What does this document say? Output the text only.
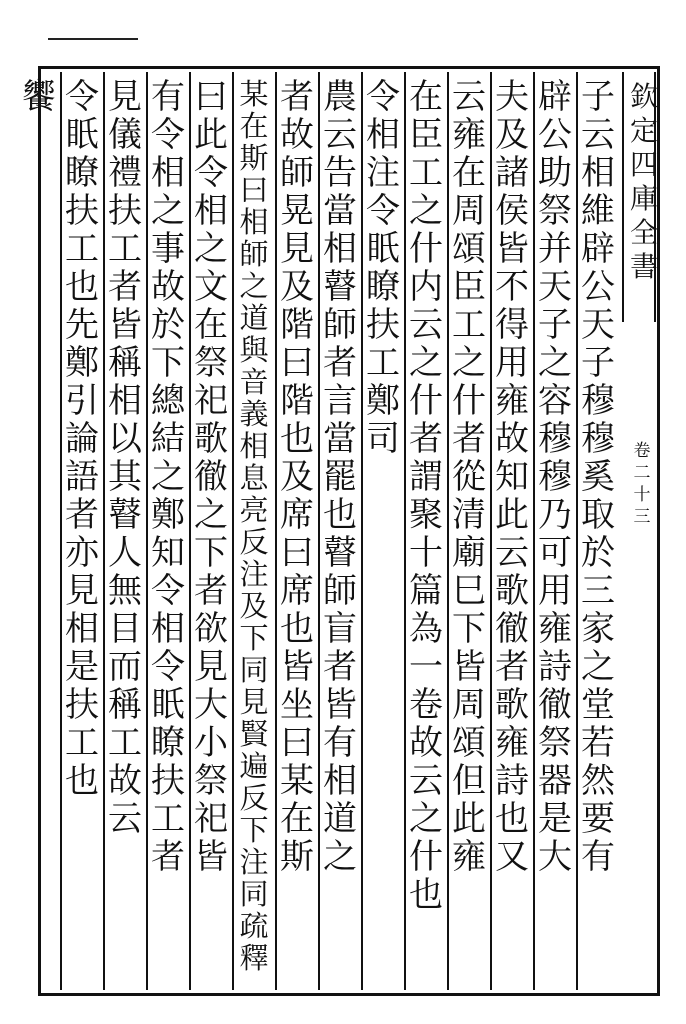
欽
定
四
庫
全
書
卷
二
十
三
子
云
相
維
辟
公
天
子
穆
穆
奚
取
於
三
家
之
堂
若
然
要
有
辟
公
助
祭
并
天
子
之
容
穆
穆
乃
可
用
雍
詩
徹
祭
器
是
大
夫
及
諸
侯
皆
不
得
用
雍
故
知
此
云
歌
徹
者
歌
雍
詩
也
又
云
雍
在
周
頌
臣
工
之
什
者
從
清
廟
巳
下
皆
周
頌
但
此
雍
在
臣
工
之
什
内
云
之
什
者
謂
聚
十
篇
為
一
卷
故
云
之
什
也
令
相
注
令
眂
瞭
扶
工
鄭
司
農
云
告
當
相
瞽
師
者
言
當
罷
也
瞽
師
盲
者
皆
有
相
道
之
者
故
師
晃
見
及
階
曰
階
也
及
席
曰
席
也
皆
坐
曰
某
在
斯
某
在
斯
曰
相
師
之
道
與
音
義
相
息
亮
反
注
及
下
同
見
賢
遍
反
下
注
同
疏
釋
曰
此
令
相
之
文
在
祭
祀
歌
徹
之
下
者
欲
見
大
小
祭
祀
皆
有
令
相
之
事
故
於
下
總
結
之
鄭
知
令
相
令
眂
瞭
扶
工
者
見
儀
禮
扶
工
者
皆
稱
相
以
其
瞽
人
無
目
而
稱
工
故
云
令
眂
瞭
扶
工
也
先
鄭
引
論
語
者
亦
見
相
是
扶
工
也
饗
